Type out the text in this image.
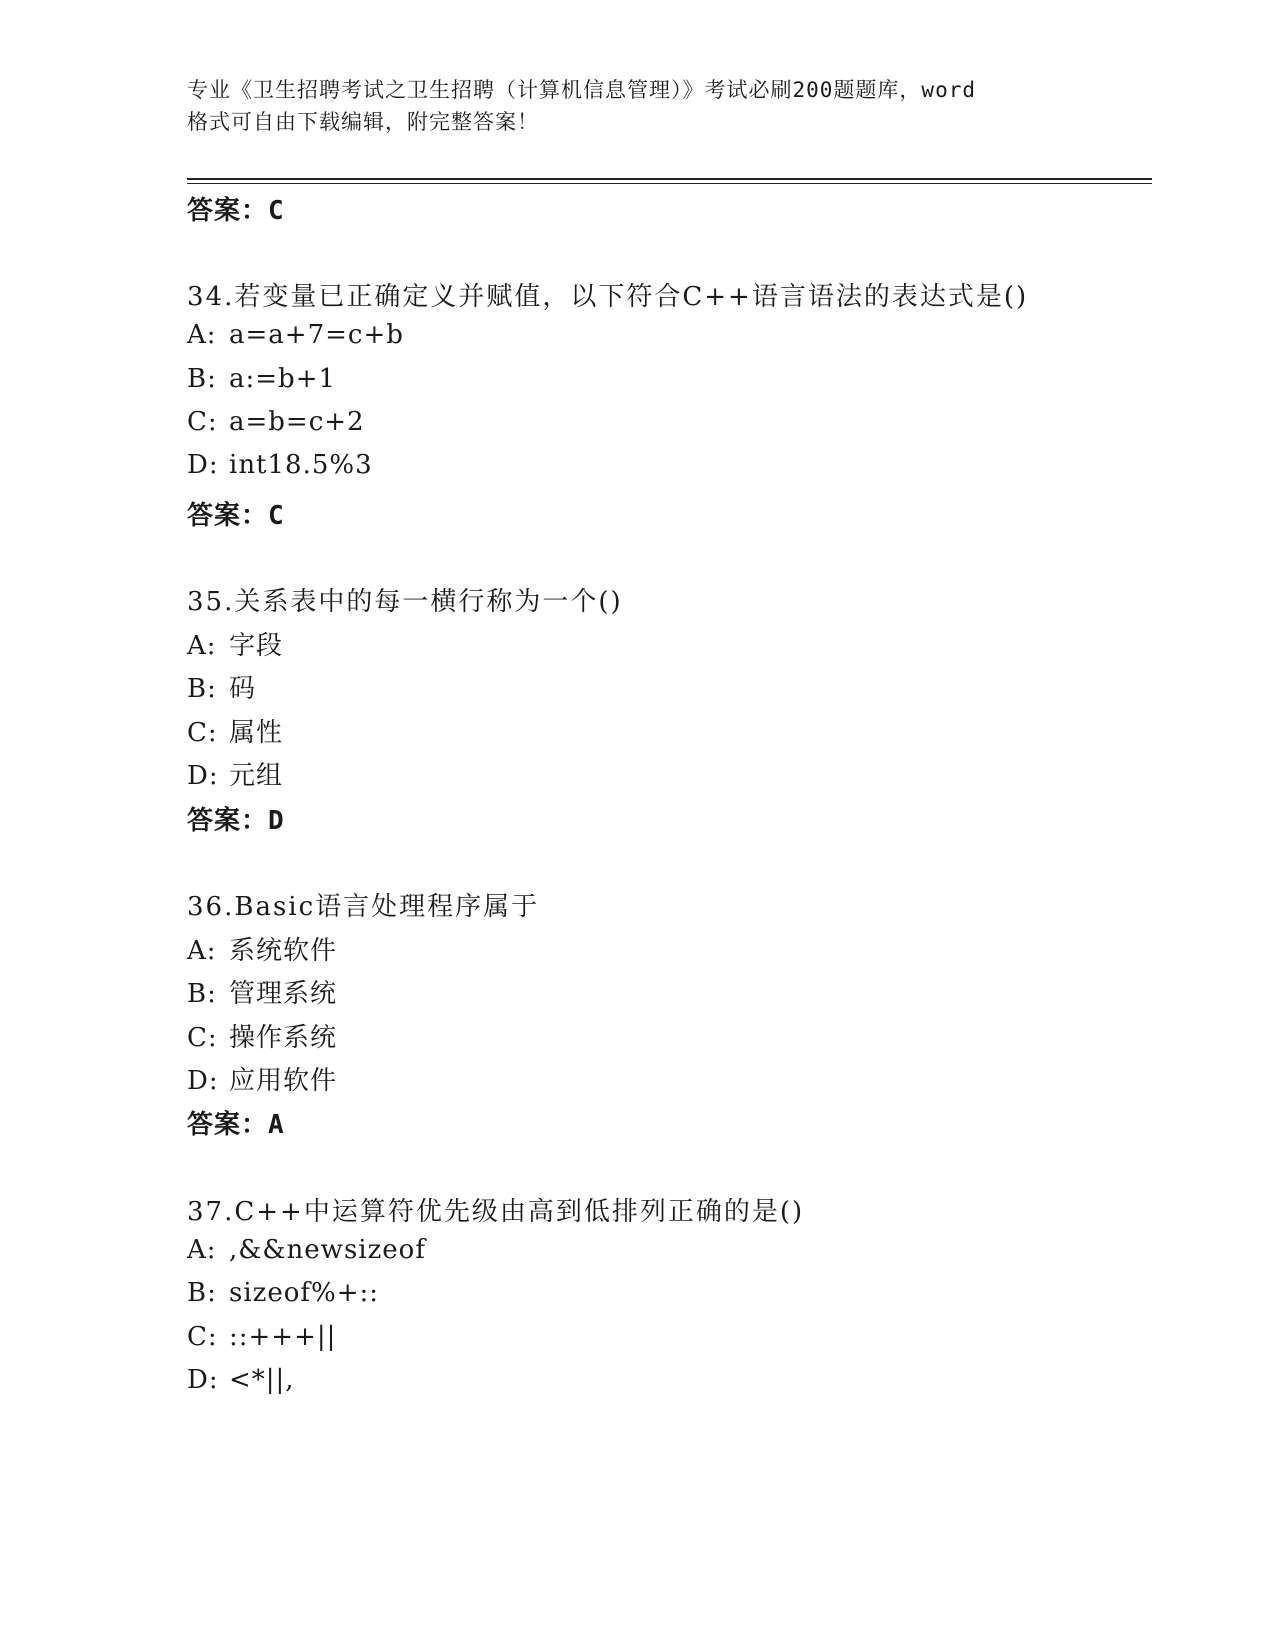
专业《卫生招聘考试之卫生招聘（计算机信息管理）》考试必刷200题题库，word
格式可自由下载编辑，附完整答案！
答案：C
34.若变量已正确定义并赋值，以下符合C++语言语法的表达式是()
A: a=a+7=c+b
B: a:=b+1
C: a=b=c+2
D: int18.5%3
答案：C
35.关系表中的每一横行称为一个()
A: 字段
B: 码
C: 属性
D: 元组
答案：D
36.Basic语言处理程序属于
A: 系统软件
B: 管理系统
C: 操作系统
D: 应用软件
答案：A
37.C++中运算符优先级由高到低排列正确的是()
A: ,&&newsizeof
B: sizeof%+::
C: ::+++||
D: <*||,
